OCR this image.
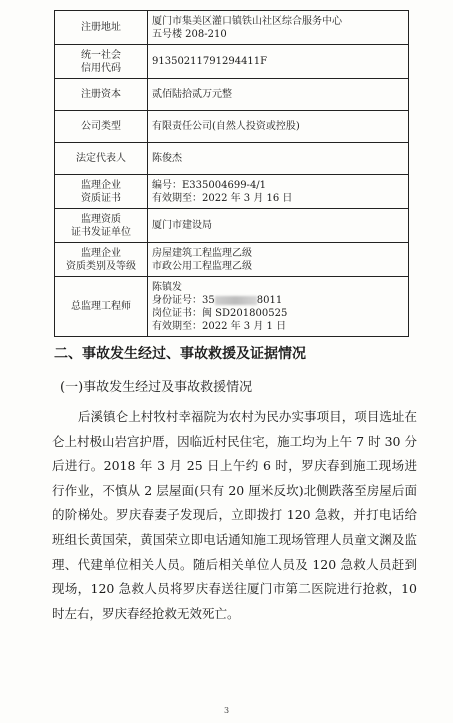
注册地址	厦门市集美区灌口镇铁山社区综合服务中心
五号楼 208-210

统一社会
信用代码	91350211791294411F

注册资本	贰佰陆拾贰万元整

公司类型	有限责任公司(自然人投资或控股)

法定代表人	陈俊杰

监理企业
资质证书	编号：E335004699-4/1
有效期至：2022 年 3 月 16 日

监理资质
证书发证单位	厦门市建设局

监理企业
资质类别及等级	房屋建筑工程监理乙级
市政公用工程监理乙级

总监理工程师	陈镇发
身份证号：35 8011
岗位证书：闽 SD201800525
有效期至：2022 年 3 月 1 日
二、事故发生经过、事故救援及证据情况
(一)事故发生经过及事故救援情况
后溪镇仑上村牧村幸福院为农村为民办实事项目，项目选址在仑上村极山岩宫护厝，因临近村民住宅，施工均为上午 7 时 30 分后进行。2018 年 3 月 25 日上午约 6 时，罗庆春到施工现场进行作业，不慎从 2 层屋面(只有 20 厘米反坎)北侧跌落至房屋后面的阶梯处。罗庆春妻子发现后，立即拨打 120 急救，并打电话给班组长黄国荣，黄国荣立即电话通知施工现场管理人员童文渊及监理、代建单位相关人员。随后相关单位人员及 120 急救人员赶到现场，120 急救人员将罗庆春送往厦门市第二医院进行抢救，10 时左右，罗庆春经抢救无效死亡。
3
